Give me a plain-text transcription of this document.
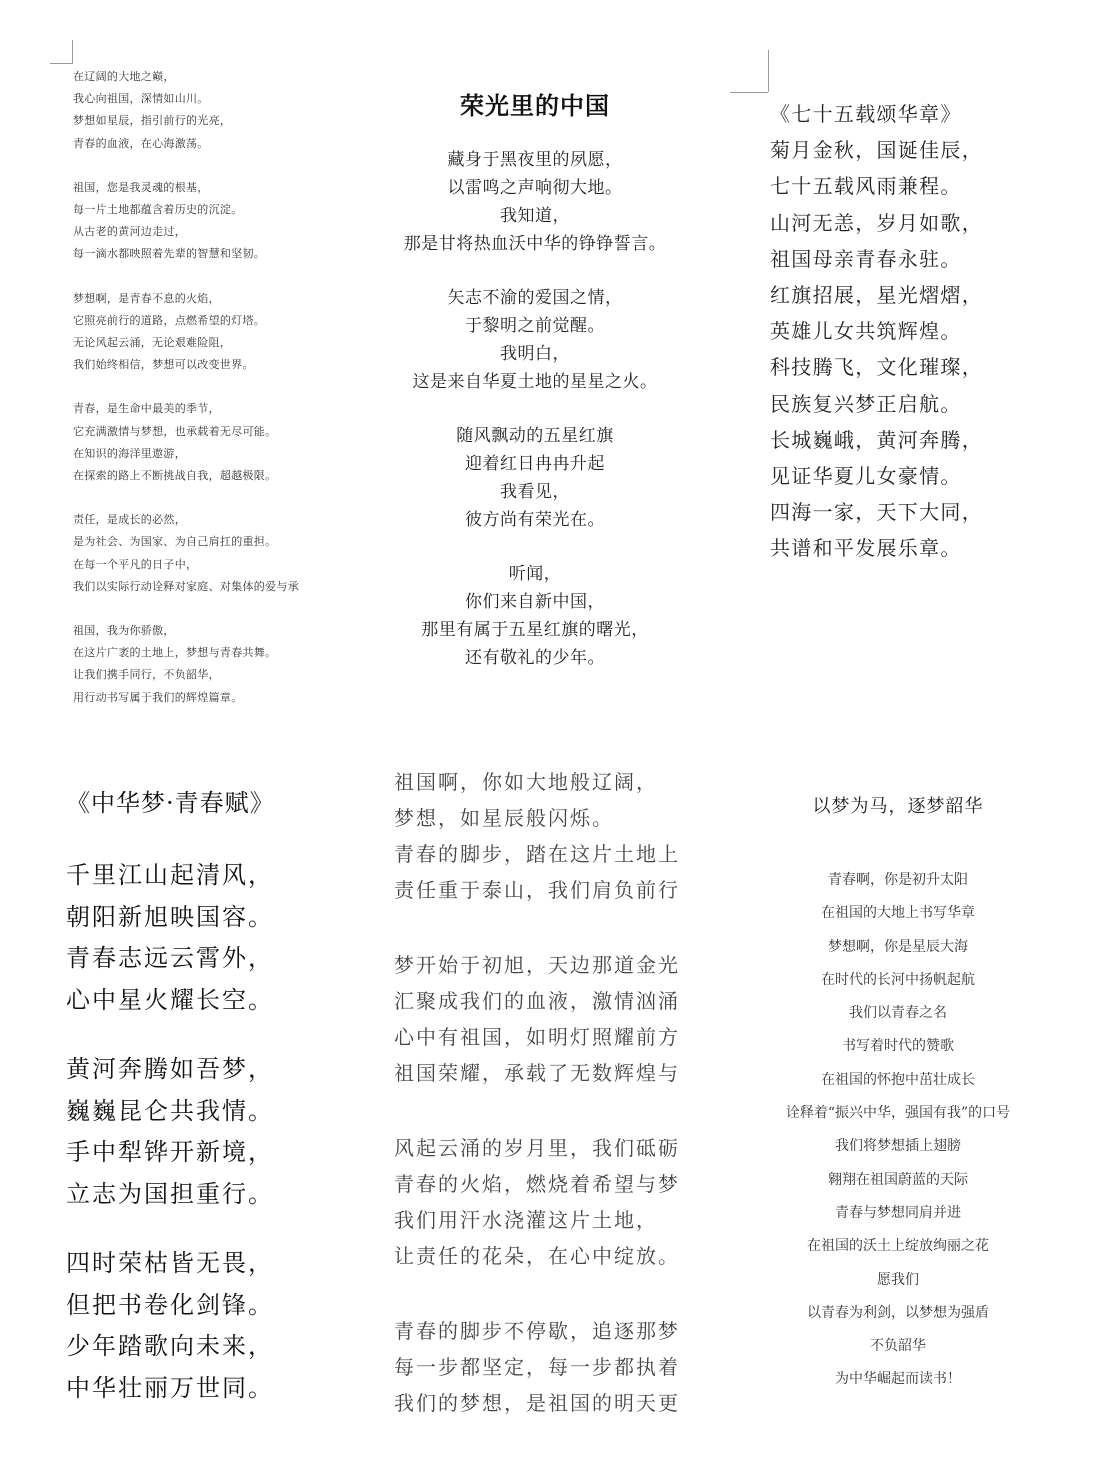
在辽阔的大地之巅，
我心向祖国，深情如山川。
梦想如星辰，指引前行的光亮，
青春的血液，在心海激荡。
祖国，您是我灵魂的根基，
每一片土地都蕴含着历史的沉淀。
从古老的黄河边走过，
每一滴水都映照着先辈的智慧和坚韧。
梦想啊，是青春不息的火焰，
它照亮前行的道路，点燃希望的灯塔。
无论风起云涌，无论艰难险阻，
我们始终相信，梦想可以改变世界。
青春，是生命中最美的季节，
它充满激情与梦想，也承载着无尽可能。
在知识的海洋里遨游，
在探索的路上不断挑战自我，超越极限。
责任，是成长的必然，
是为社会、为国家、为自己肩扛的重担。
在每一个平凡的日子中，
我们以实际行动诠释对家庭、对集体的爱与承
祖国，我为你骄傲，
在这片广袤的土地上，梦想与青春共舞。
让我们携手同行，不负韶华，
用行动书写属于我们的辉煌篇章。
荣光里的中国
藏身于黑夜里的夙愿，
以雷鸣之声响彻大地。
我知道，
那是甘将热血沃中华的铮铮誓言。
矢志不渝的爱国之情，
于黎明之前觉醒。
我明白，
这是来自华夏土地的星星之火。
随风飘动的五星红旗
迎着红日冉冉升起
我看见，
彼方尚有荣光在。
听闻，
你们来自新中国，
那里有属于五星红旗的曙光，
还有敬礼的少年。
《七十五载颂华章》
菊月金秋，国诞佳辰，
七十五载风雨兼程。
山河无恙，岁月如歌，
祖国母亲青春永驻。
红旗招展，星光熠熠，
英雄儿女共筑辉煌。
科技腾飞，文化璀璨，
民族复兴梦正启航。
长城巍峨，黄河奔腾，
见证华夏儿女豪情。
四海一家，天下大同，
共谱和平发展乐章。
《中华梦·青春赋》
千里江山起清风，
朝阳新旭映国容。
青春志远云霄外，
心中星火耀长空。
黄河奔腾如吾梦，
巍巍昆仑共我情。
手中犁铧开新境，
立志为国担重行。
四时荣枯皆无畏，
但把书卷化剑锋。
少年踏歌向未来，
中华壮丽万世同。
祖国啊，你如大地般辽阔，
梦想，如星辰般闪烁。
青春的脚步，踏在这片土地上
责任重于泰山，我们肩负前行
梦开始于初旭，天边那道金光
汇聚成我们的血液，激情汹涌
心中有祖国，如明灯照耀前方
祖国荣耀，承载了无数辉煌与
风起云涌的岁月里，我们砥砺
青春的火焰，燃烧着希望与梦
我们用汗水浇灌这片土地，
让责任的花朵，在心中绽放。
青春的脚步不停歇，追逐那梦
每一步都坚定，每一步都执着
我们的梦想，是祖国的明天更
以梦为马，逐梦韶华
青春啊，你是初升太阳
在祖国的大地上书写华章
梦想啊，你是星辰大海
在时代的长河中扬帆起航
我们以青春之名
书写着时代的赞歌
在祖国的怀抱中茁壮成长
诠释着“振兴中华，强国有我”的口号
我们将梦想插上翅膀
翱翔在祖国蔚蓝的天际
青春与梦想同肩并进
在祖国的沃土上绽放绚丽之花
愿我们
以青春为利剑，以梦想为强盾
不负韶华
为中华崛起而读书！
